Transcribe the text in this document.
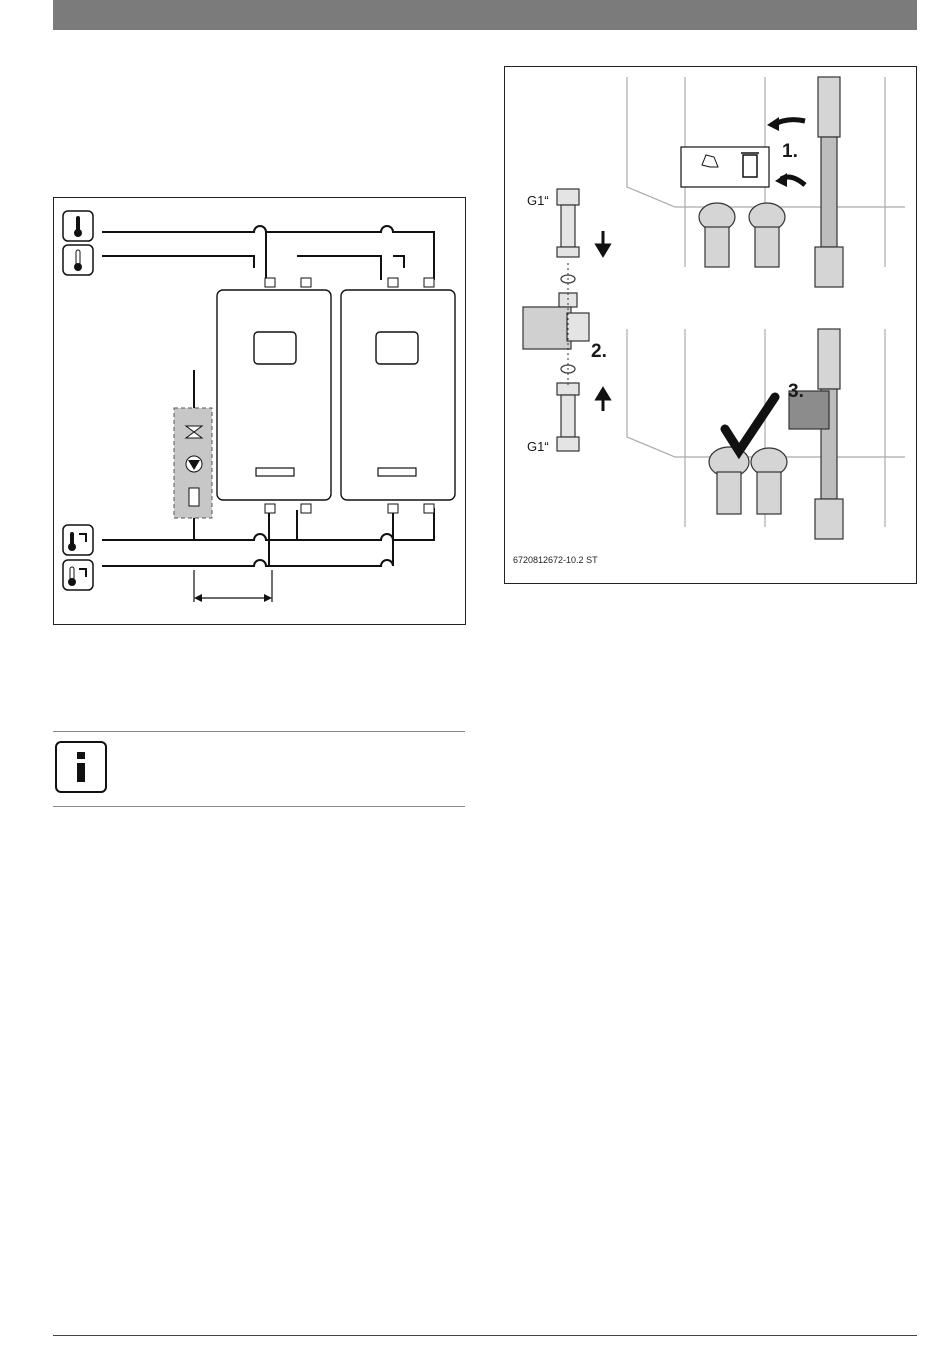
G1“
G1“
1.
2.
3.
6720812672-10.2 ST
